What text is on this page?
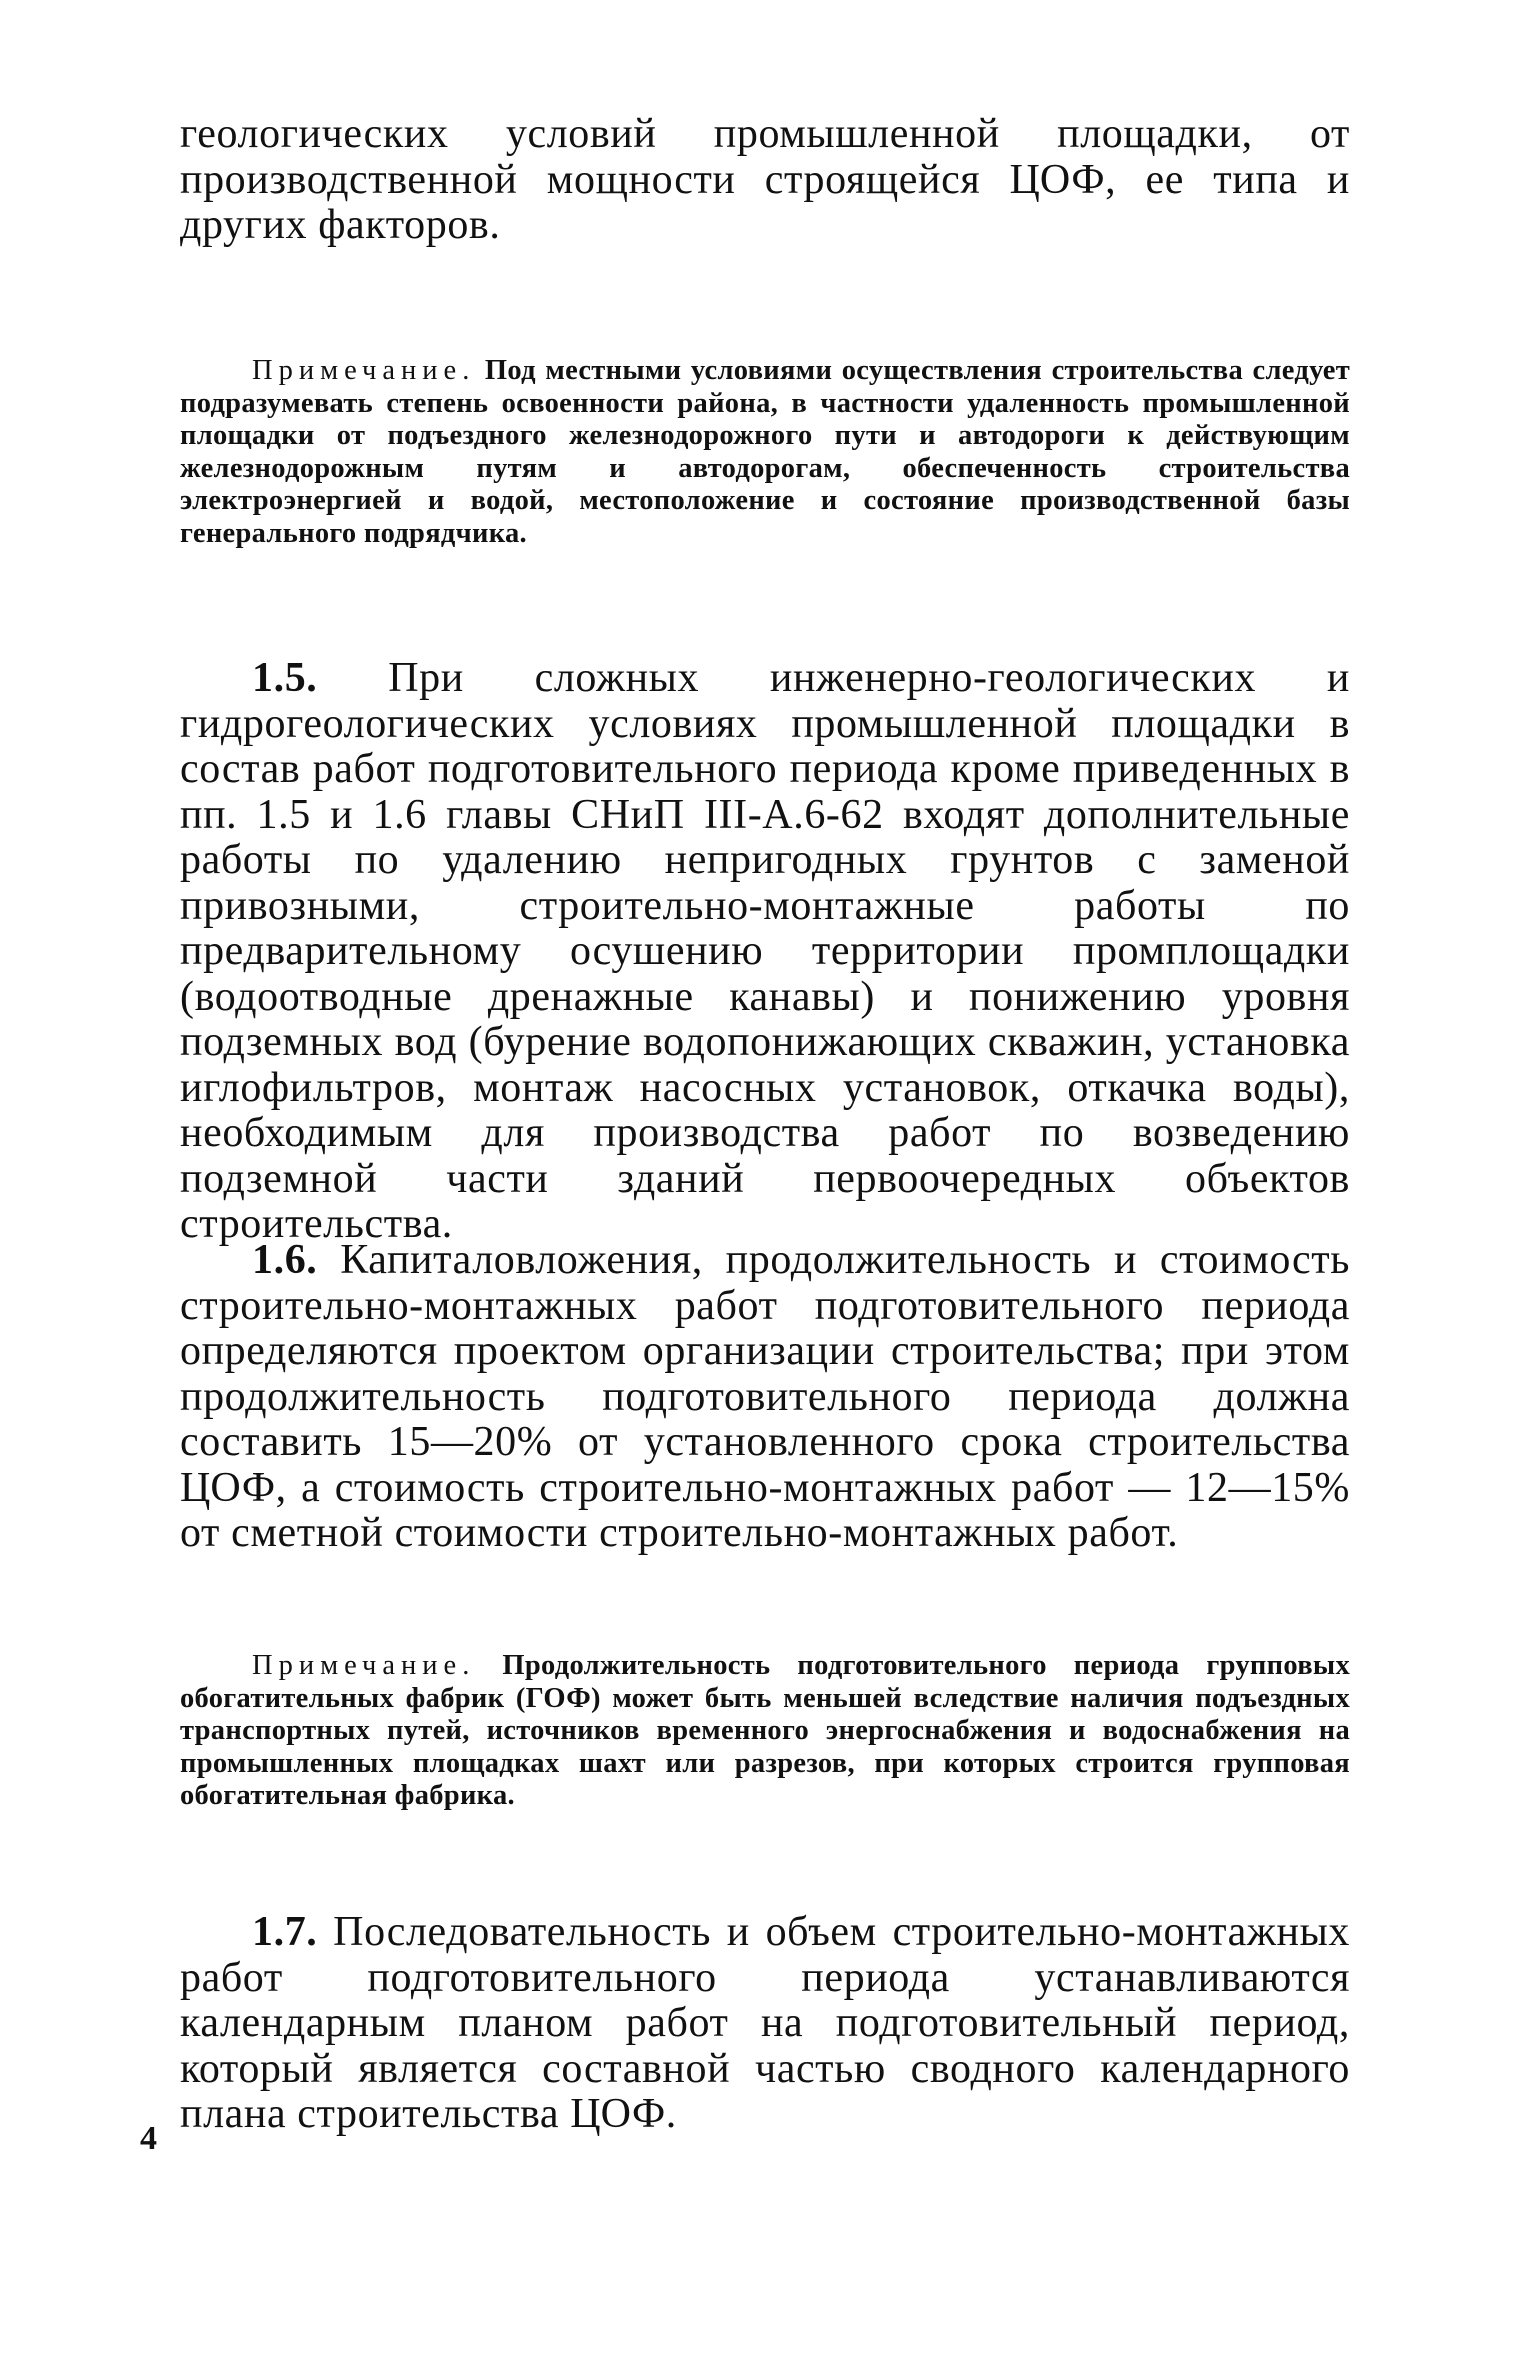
геологических условий промышленной площадки, от производственной мощности строящейся ЦОФ, ее типа и других факторов.

Примечание. Под местными условиями осуществления строительства следует подразумевать степень освоенности района, в частности удаленность промышленной площадки от подъездного железнодорожного пути и автодороги к действующим железнодорожным путям и автодорогам, обеспеченность строительства электроэнергией и водой, местоположение и состояние производственной базы генерального подрядчика.

1.5. При сложных инженерно-геологических и гидрогеологических условиях промышленной площадки в состав работ подготовительного периода кроме приведенных в пп. 1.5 и 1.6 главы СНиП III-А.6-62 входят дополнительные работы по удалению непригодных грунтов с заменой привозными, строительно-монтажные работы по предварительному осушению территории промплощадки (водоотводные дренажные канавы) и понижению уровня подземных вод (бурение водопонижающих скважин, установка иглофильтров, монтаж насосных установок, откачка воды), необходимым для производства работ по возведению подземной части зданий первоочередных объектов строительства.

1.6. Капиталовложения, продолжительность и стоимость строительно-монтажных работ подготовительного периода определяются проектом организации строительства; при этом продолжительность подготовительного периода должна составить 15—20% от установленного срока строительства ЦОФ, а стоимость строительно-монтажных работ — 12—15% от сметной стоимости строительно-монтажных работ.

Примечание. Продолжительность подготовительного периода групповых обогатительных фабрик (ГОФ) может быть меньшей вследствие наличия подъездных транспортных путей, источников временного энергоснабжения и водоснабжения на промышленных площадках шахт или разрезов, при которых строится групповая обогатительная фабрика.

1.7. Последовательность и объем строительно-монтажных работ подготовительного периода устанавливаются календарным планом работ на подготовительный период, который является составной частью сводного календарного плана строительства ЦОФ.

4
